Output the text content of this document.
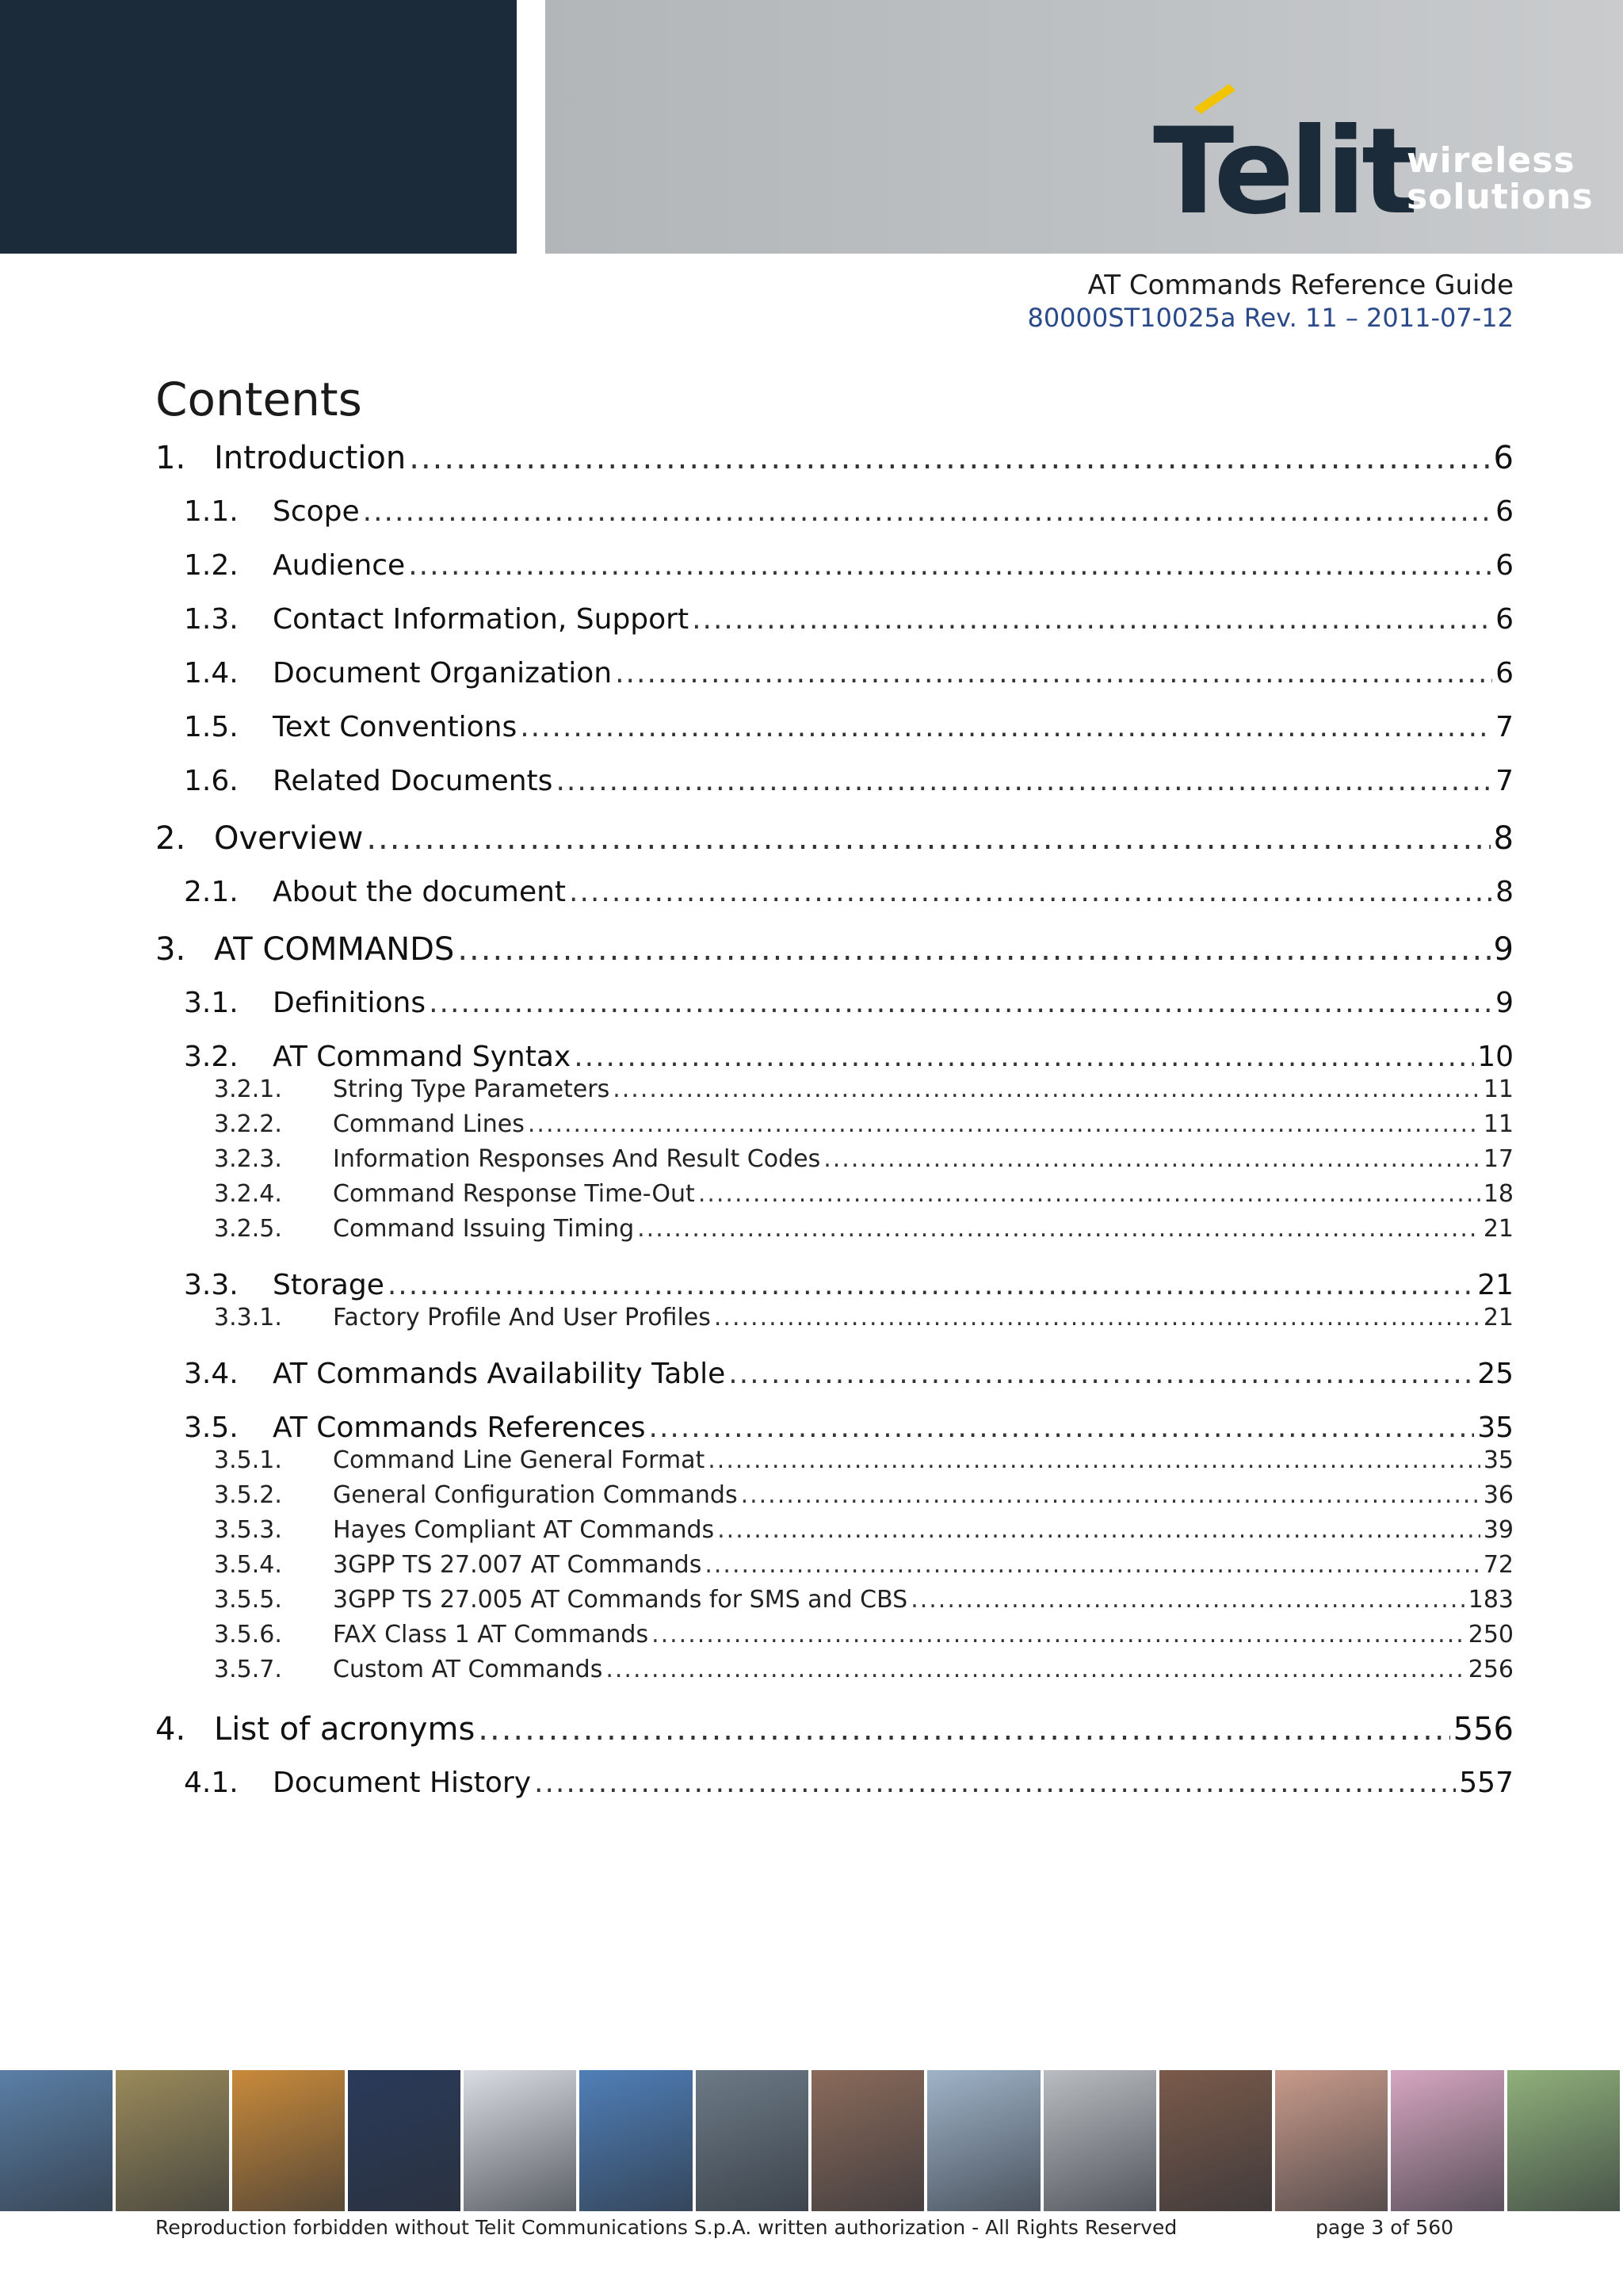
Telit
wireless
solutions
AT Commands Reference Guide
80000ST10025a Rev. 11 – 2011-07-12
Contents
1. Introduction .....	6
1.1.	Scope .....	6
1.2.	Audience .....	6
1.3.	Contact Information, Support .....	6
1.4.	Document Organization .....	6
1.5.	Text Conventions .....	7
1.6.	Related Documents .....	7
2. Overview .....	8
2.1.	About the document .....	8
3. AT COMMANDS .....	9
3.1.	Definitions .....	9
3.2.	AT Command Syntax .....	10
3.2.1.	String Type Parameters .....	11
3.2.2.	Command Lines .....	11
3.2.3.	Information Responses And Result Codes .....	17
3.2.4.	Command Response Time-Out .....	18
3.2.5.	Command Issuing Timing .....	21
3.3.	Storage .....	21
3.3.1.	Factory Profile And User Profiles .....	21
3.4.	AT Commands Availability Table .....	25
3.5.	AT Commands References .....	35
3.5.1.	Command Line General Format .....	35
3.5.2.	General Configuration Commands .....	36
3.5.3.	Hayes Compliant AT Commands .....	39
3.5.4.	3GPP TS 27.007 AT Commands .....	72
3.5.5.	3GPP TS 27.005 AT Commands for SMS and CBS .....	183
3.5.6.	FAX Class 1 AT Commands .....	250
3.5.7.	Custom AT Commands .....	256
4. List of acronyms .....	556
4.1.	Document History .....	557
Reproduction forbidden without Telit Communications S.p.A. written authorization - All Rights Reserved	page 3 of 560
